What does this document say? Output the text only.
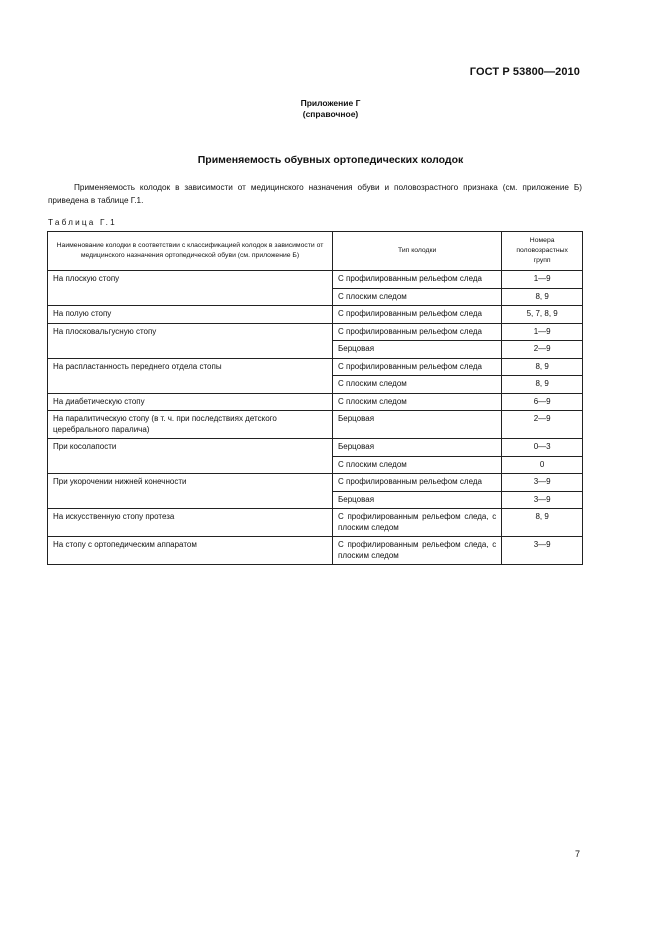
ГОСТ Р 53800—2010
Приложение Г
(справочное)
Применяемость обувных ортопедических колодок
Применяемость колодок в зависимости от медицинского назначения обуви и половозрастного признака (см. приложение Б) приведена в таблице Г.1.
Таблица Г.1
Наименование колодки в соответствии с классификацией колодок в зависимости от медицинского назначения ортопедической обуви (см. приложение Б)	Тип колодки	Номера половозрастных групп
На плоскую стопу	С профилированным рельефом следа	1—9
	С плоским следом	8, 9
На полую стопу	С профилированным рельефом следа	5, 7, 8, 9
На плосковальгусную стопу	С профилированным рельефом следа	1—9
	Берцовая	2—9
На распластанность переднего отдела стопы	С профилированным рельефом следа	8, 9
	С плоским следом	8, 9
На диабетическую стопу	С плоским следом	6—9
На паралитическую стопу (в т. ч. при последствиях детского церебрального паралича)	Берцовая	2—9
При косолапости	Берцовая	0—3
	С плоским следом	0
При укорочении нижней конечности	С профилированным рельефом следа	3—9
	Берцовая	3—9
На искусственную стопу протеза	С профилированным рельефом следа, с плоским следом	8, 9
На стопу с ортопедическим аппаратом	С профилированным рельефом следа, с плоским следом	3—9
7
